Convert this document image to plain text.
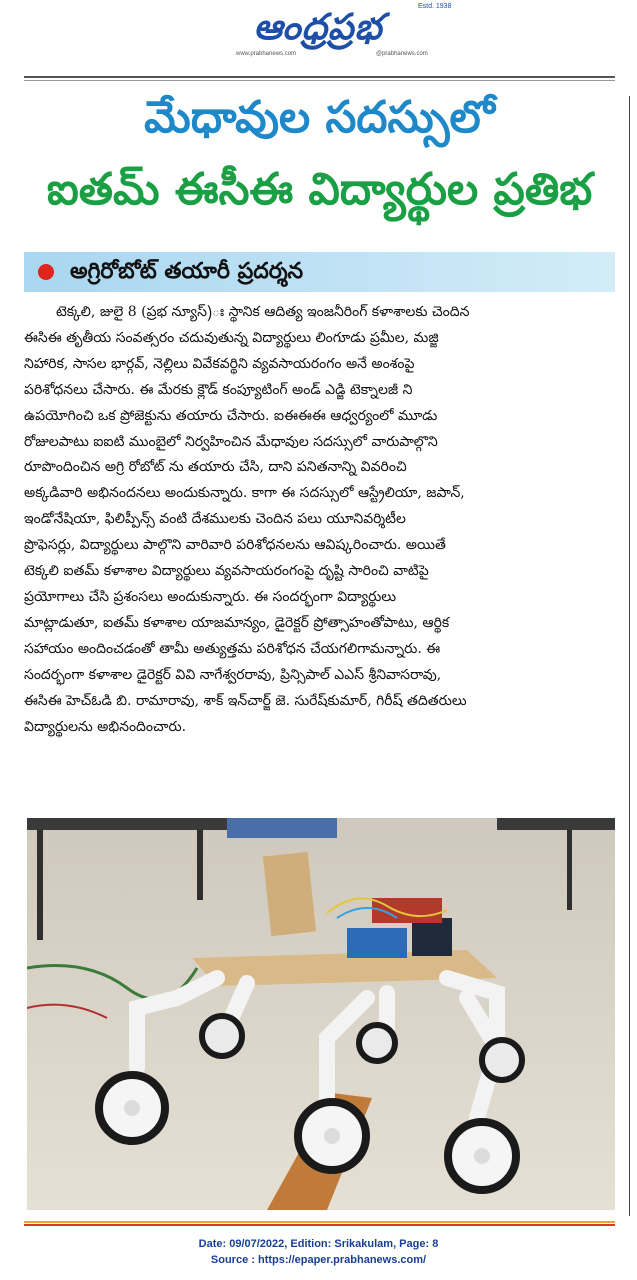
ఆంధ్రప్రభ	Estd. 1938
www.prabhanews.com	@prabhanews.com
మేధావుల సదస్సులో
ఐతమ్ ఈసీఈ విద్యార్థుల ప్రతిభ
అగ్రిరోబోట్ తయారీ ప్రదర్శన
టెక్కలి, జులై 8 (ప్రభ న్యూస్)ః స్థానిక ఆదిత్య ఇంజనీరింగ్ కళాశాలకు చెందిన
ఈసిఈ తృతీయ సంవత్సరం చదువుతున్న విద్యార్థులు లింగూడు ప్రమీల, మజ్జి
నిహారిక, సాసల భార్గవ్, నెల్లిలు వివేకవర్థిని వ్యవసాయరంగం అనే అంశంపై
పరిశోధనలు చేసారు. ఈ మేరకు క్లౌడ్ కంప్యూటింగ్ అండ్ ఎడ్జి టెక్నాలజీ ని
ఉపయోగించి ఒక ప్రోజెక్టును తయారు చేసారు. ఐఈఈఈ ఆధ్వర్యంలో మూడు
రోజులపాటు ఐఐటి ముంబైలో నిర్వహించిన మేధావుల సదస్సులో వారుపాల్గొని
రూపొందించిన అగ్రి రోబోట్ ను తయారు చేసి, దాని పనితనాన్ని వివరించి
అక్కడివారి అభినందనలు అందుకున్నారు. కాగా ఈ సదస్సులో ఆస్ట్రేలియా, జపాన్,
ఇండోనేషియా, ఫిలిప్పీన్స్ వంటి దేశములకు చెందిన పలు యూనివర్శిటీల
ప్రొఫెసర్లు, విద్యార్థులు పాల్గొని వారివారి పరిశోధనలను ఆవిష్కరించారు. అయితే
టెక్కలి ఐతమ్ కళాశాల విద్యార్థులు వ్యవసాయరంగంపై దృష్టి సారించి వాటిపై
ప్రయోగాలు చేసి ప్రశంసలు అందుకున్నారు. ఈ సందర్భంగా విద్యార్థులు
మాట్లాడుతూ, ఐతమ్ కళాశాల యాజమాన్యం, డైరెక్టర్ ప్రోత్సాహంతోపాటు, ఆర్థిక
సహాయం అందించడంతో తామీ అత్యుత్తమ పరిశోధన చేయగలిగామన్నారు. ఈ
సందర్భంగా కళాశాల డైరెక్టర్ వివి నాగేశ్వరరావు, ప్రిన్సిపాల్ ఎఎస్ శ్రీనివాసరావు,
ఈసిఈ హెచ్ఓడి బి. రామారావు, శాక్ ఇన్‌చార్జ్ జె. సురేష్‌కుమార్, గిరీష్ తదితరులు
విద్యార్థులను అభినందించారు.
Date: 09/07/2022, Edition: Srikakulam, Page: 8
Source : https://epaper.prabhanews.com/
